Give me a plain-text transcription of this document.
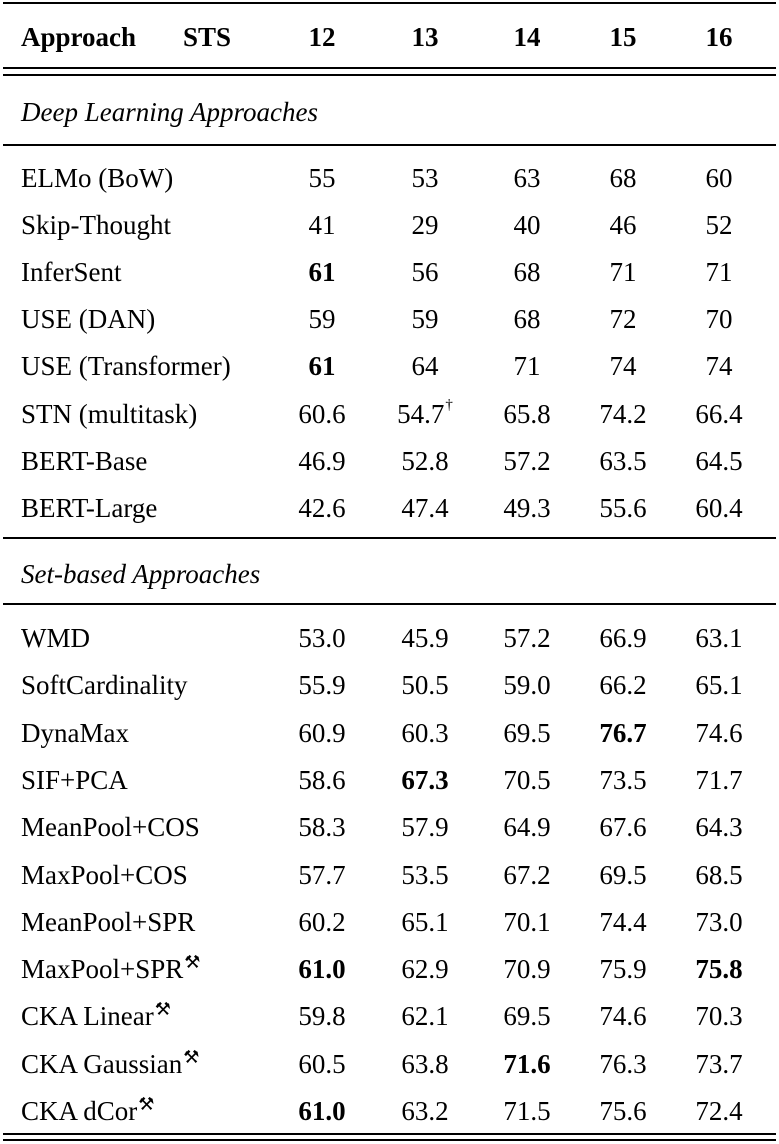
Approach STS	12	13	14	15	16
Deep Learning Approaches
ELMo (BoW)	55	53	63	68	60
Skip-Thought	41	29	40	46	52
InferSent	61	56	68	71	71
USE (DAN)	59	59	68	72	70
USE (Transformer)	61	64	71	74	74
STN (multitask)	60.6	54.7†	65.8	74.2	66.4
BERT-Base	46.9	52.8	57.2	63.5	64.5
BERT-Large	42.6	47.4	49.3	55.6	60.4
Set-based Approaches
WMD	53.0	45.9	57.2	66.9	63.1
SoftCardinality	55.9	50.5	59.0	66.2	65.1
DynaMax	60.9	60.3	69.5	76.7	74.6
SIF+PCA	58.6	67.3	70.5	73.5	71.7
MeanPool+COS	58.3	57.9	64.9	67.6	64.3
MaxPool+COS	57.7	53.5	67.2	69.5	68.5
MeanPool+SPR	60.2	65.1	70.1	74.4	73.0
MaxPool+SPR⚒	61.0	62.9	70.9	75.9	75.8
CKA Linear⚒	59.8	62.1	69.5	74.6	70.3
CKA Gaussian⚒	60.5	63.8	71.6	76.3	73.7
CKA dCor⚒	61.0	63.2	71.5	75.6	72.4
